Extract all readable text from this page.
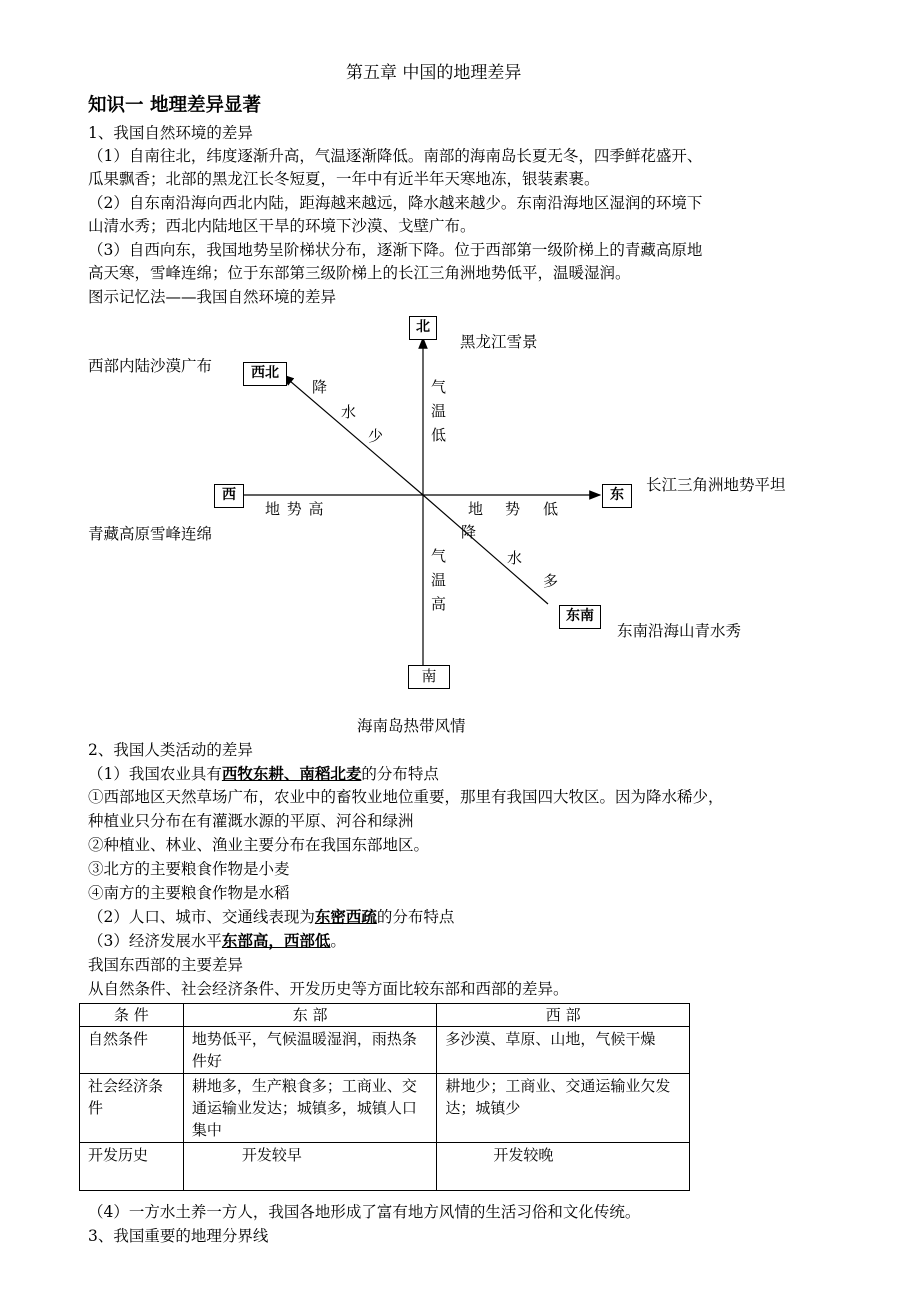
第五章 中国的地理差异
知识一 地理差异显著
1、我国自然环境的差异
（1）自南往北，纬度逐渐升高，气温逐渐降低。南部的海南岛长夏无冬，四季鲜花盛开、
瓜果飘香；北部的黑龙江长冬短夏，一年中有近半年天寒地冻，银装素裹。
（2）自东南沿海向西北内陆，距海越来越远，降水越来越少。东南沿海地区湿润的环境下
山清水秀；西北内陆地区干旱的环境下沙漠、戈壁广布。
（3）自西向东，我国地势呈阶梯状分布，逐渐下降。位于西部第一级阶梯上的青藏高原地
高天寒，雪峰连绵；位于东部第三级阶梯上的长江三角洲地势低平，温暖湿润。
图示记忆法——我国自然环境的差异
北
西北
西	东
东南
南
黑龙江雪景
西部内陆沙漠广布
长江三角洲地势平坦
青藏高原雪峰连绵
东南沿海山青水秀
海南岛热带风情
降
水
少
气
温
低
地 势 高	地 势 低
降
水
多
气
温
高
2、我国人类活动的差异
（1）我国农业具有西牧东耕、南稻北麦的分布特点
①西部地区天然草场广布，农业中的畜牧业地位重要，那里有我国四大牧区。因为降水稀少，
种植业只分布在有灌溉水源的平原、河谷和绿洲
②种植业、林业、渔业主要分布在我国东部地区。
③北方的主要粮食作物是小麦
④南方的主要粮食作物是水稻
（2）人口、城市、交通线表现为东密西疏的分布特点
（3）经济发展水平东部高，西部低。
我国东西部的主要差异
从自然条件、社会经济条件、开发历史等方面比较东部和西部的差异。
条 件	东 部	西 部
自然条件	地势低平，气候温暖湿润，雨热条件好	多沙漠、草原、山地，气候干燥
社会经济条 件	耕地多，生产粮食多；工商业、交通运输业发达；城镇多，城镇人口集中	耕地少；工商业、交通运输业欠发达；城镇少
开发历史	开发较早	开发较晚
（4）一方水土养一方人，我国各地形成了富有地方风情的生活习俗和文化传统。
3、我国重要的地理分界线
